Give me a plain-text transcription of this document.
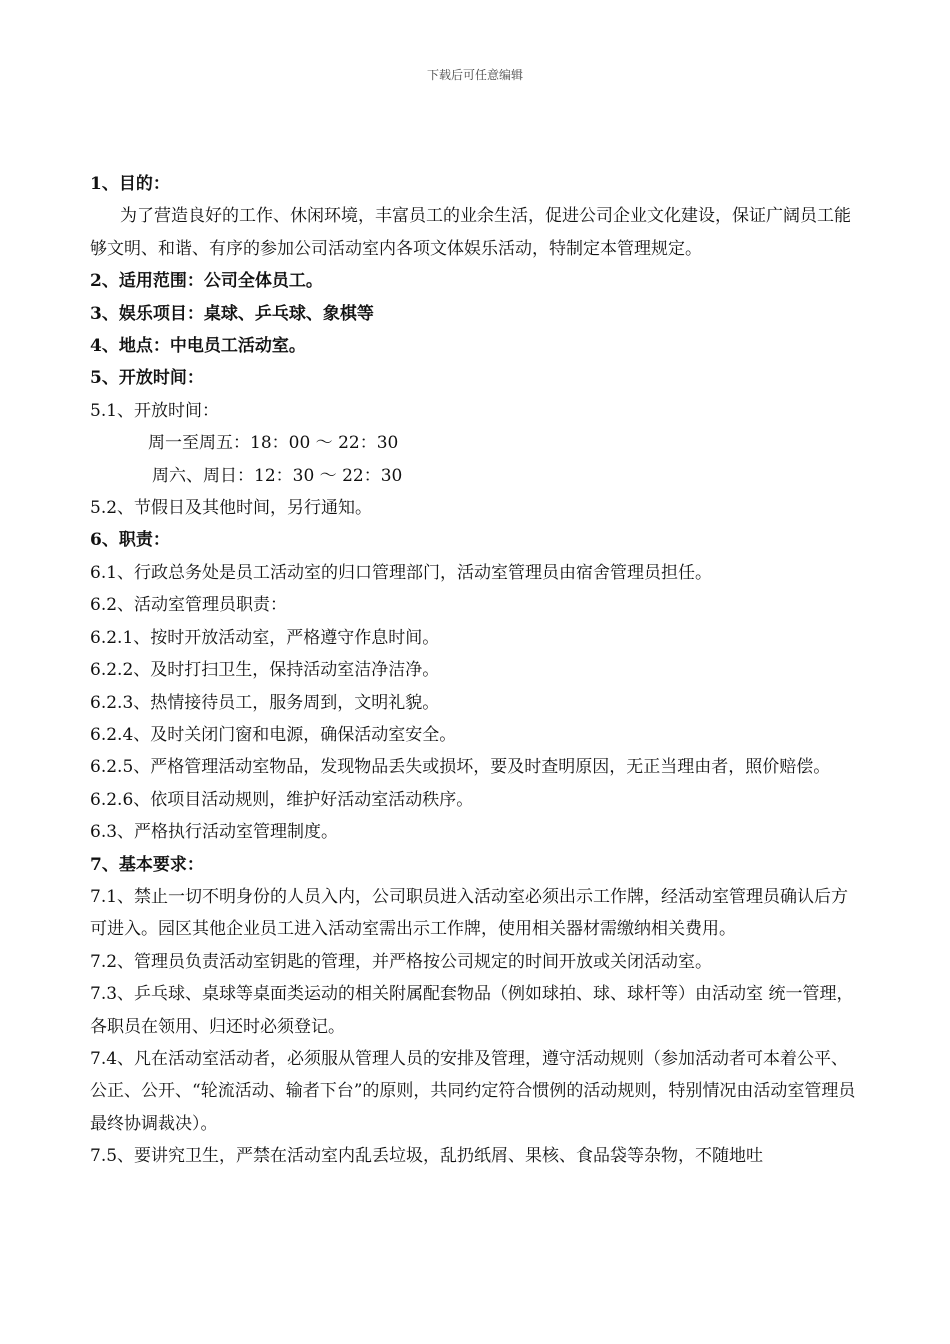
下载后可任意编辑

1、目的：

为了营造良好的工作、休闲环境，丰富员工的业余生活，促进公司企业文化建设，保证广阔员工能够文明、和谐、有序的参加公司活动室内各项文体娱乐活动，特制定本管理规定。

2、适用范围：公司全体员工。

3、娱乐项目：桌球、乒乓球、象棋等

4、地点：中电员工活动室。

5、开放时间：

5.1、开放时间：

周一至周五：18：00 ～ 22：30

周六、周日：12：30 ～ 22：30

5.2、节假日及其他时间，另行通知。

6、职责：

6.1、行政总务处是员工活动室的归口管理部门，活动室管理员由宿舍管理员担任。

6.2、活动室管理员职责：

6.2.1、按时开放活动室，严格遵守作息时间。

6.2.2、及时打扫卫生，保持活动室洁净洁净。

6.2.3、热情接待员工，服务周到，文明礼貌。

6.2.4、及时关闭门窗和电源，确保活动室安全。

6.2.5、严格管理活动室物品，发现物品丢失或损坏，要及时查明原因，无正当理由者，照价赔偿。

6.2.6、依项目活动规则，维护好活动室活动秩序。

6.3、严格执行活动室管理制度。

7、基本要求：

7.1、禁止一切不明身份的人员入内，公司职员进入活动室必须出示工作牌，经活动室管理员确认后方可进入。园区其他企业员工进入活动室需出示工作牌，使用相关器材需缴纳相关费用。

7.2、管理员负责活动室钥匙的管理，并严格按公司规定的时间开放或关闭活动室。

7.3、乒乓球、桌球等桌面类运动的相关附属配套物品（例如球拍、球、球杆等）由活动室 统一管理，各职员在领用、归还时必须登记。

7.4、凡在活动室活动者，必须服从管理人员的安排及管理，遵守活动规则（参加活动者可本着公平、公正、公开、“轮流活动、输者下台”的原则，共同约定符合惯例的活动规则，特别情况由活动室管理员最终协调裁决）。

7.5、要讲究卫生，严禁在活动室内乱丢垃圾，乱扔纸屑、果核、食品袋等杂物，不随地吐
